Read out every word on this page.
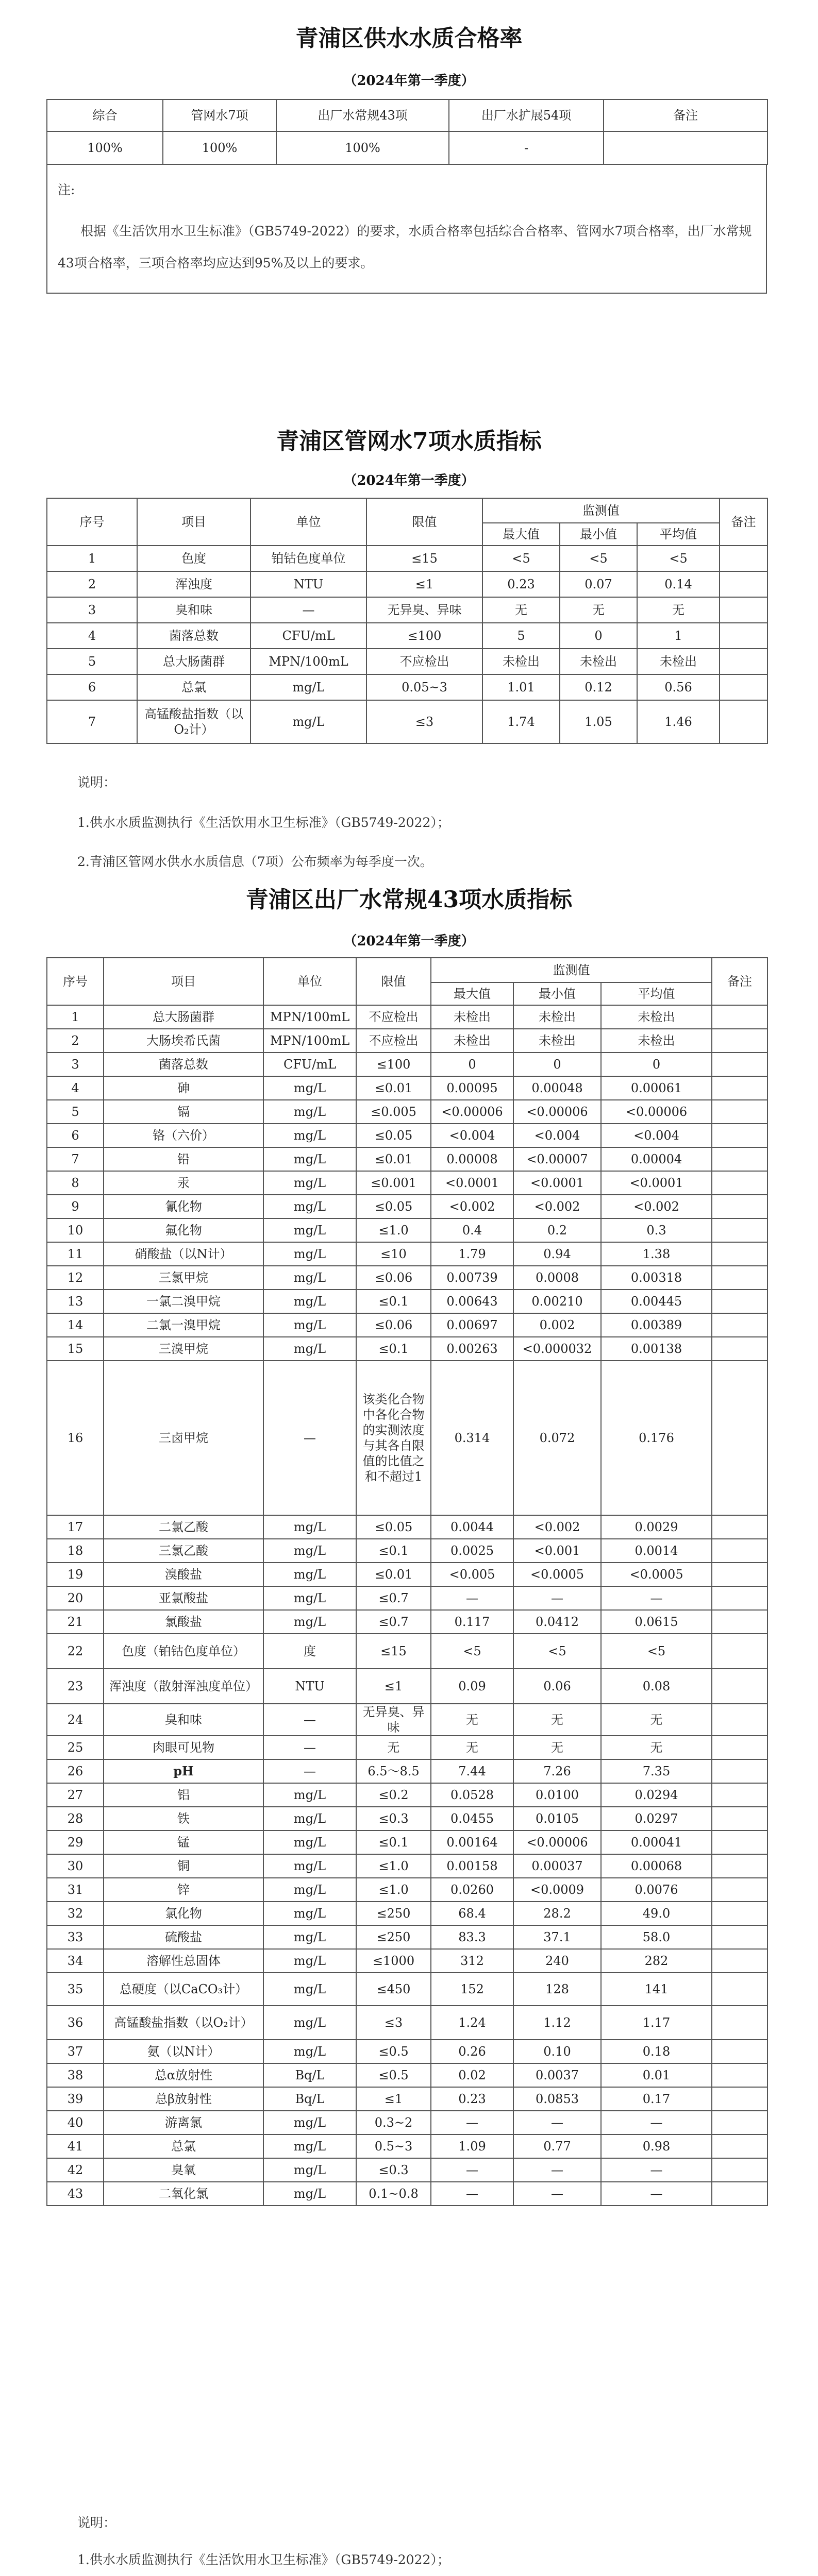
青浦区供水水质合格率
（2024年第一季度）
综合	管网水7项	出厂水常规43项	出厂水扩展54项	备注
100%	100%	100%	-	
注:
根据《生活饮用水卫生标准》（GB5749-2022）的要求，水质合格率包括综合合格率、管网水7项合格率，出厂水常规43项合格率，三项合格率均应达到95%及以上的要求。
青浦区管网水7项水质指标
（2024年第一季度）
序号	项目	单位	限值	监测值			备注
				最大值	最小值	平均值	
1	色度	铂钴色度单位	≤15	<5	<5	<5	
2	浑浊度	NTU	≤1	0.23	0.07	0.14	
3	臭和味	—	无异臭、异味	无	无	无	
4	菌落总数	CFU/mL	≤100	5	0	1	
5	总大肠菌群	MPN/100mL	不应检出	未检出	未检出	未检出	
6	总氯	mg/L	0.05~3	1.01	0.12	0.56	
7	高锰酸盐指数（以O₂计）	mg/L	≤3	1.74	1.05	1.46	
说明：
1.供水水质监测执行《生活饮用水卫生标准》（GB5749-2022）；
2.青浦区管网水供水水质信息（7项）公布频率为每季度一次。
青浦区出厂水常规43项水质指标
（2024年第一季度）
序号	项目	单位	限值	监测值			备注
				最大值	最小值	平均值	
1	总大肠菌群	MPN/100mL	不应检出	未检出	未检出	未检出	
2	大肠埃希氏菌	MPN/100mL	不应检出	未检出	未检出	未检出	
3	菌落总数	CFU/mL	≤100	0	0	0	
4	砷	mg/L	≤0.01	0.00095	0.00048	0.00061	
5	镉	mg/L	≤0.005	<0.00006	<0.00006	<0.00006	
6	铬（六价）	mg/L	≤0.05	<0.004	<0.004	<0.004	
7	铅	mg/L	≤0.01	0.00008	<0.00007	0.00004	
8	汞	mg/L	≤0.001	<0.0001	<0.0001	<0.0001	
9	氰化物	mg/L	≤0.05	<0.002	<0.002	<0.002	
10	氟化物	mg/L	≤1.0	0.4	0.2	0.3	
11	硝酸盐（以N计）	mg/L	≤10	1.79	0.94	1.38	
12	三氯甲烷	mg/L	≤0.06	0.00739	0.0008	0.00318	
13	一氯二溴甲烷	mg/L	≤0.1	0.00643	0.00210	0.00445	
14	二氯一溴甲烷	mg/L	≤0.06	0.00697	0.002	0.00389	
15	三溴甲烷	mg/L	≤0.1	0.00263	<0.000032	0.00138	
16	三卤甲烷	—	该类化合物中各化合物的实测浓度与其各自限值的比值之和不超过1	0.314	0.072	0.176	
17	二氯乙酸	mg/L	≤0.05	0.0044	<0.002	0.0029	
18	三氯乙酸	mg/L	≤0.1	0.0025	<0.001	0.0014	
19	溴酸盐	mg/L	≤0.01	<0.005	<0.0005	<0.0005	
20	亚氯酸盐	mg/L	≤0.7	—	—	—	
21	氯酸盐	mg/L	≤0.7	0.117	0.0412	0.0615	
22	色度（铂钴色度单位）	度	≤15	<5	<5	<5	
23	浑浊度（散射浑浊度单位）	NTU	≤1	0.09	0.06	0.08	
24	臭和味	—	无异臭、异味	无	无	无	
25	肉眼可见物	—	无	无	无	无	
26	pH	—	6.5～8.5	7.44	7.26	7.35	
27	铝	mg/L	≤0.2	0.0528	0.0100	0.0294	
28	铁	mg/L	≤0.3	0.0455	0.0105	0.0297	
29	锰	mg/L	≤0.1	0.00164	<0.00006	0.00041	
30	铜	mg/L	≤1.0	0.00158	0.00037	0.00068	
31	锌	mg/L	≤1.0	0.0260	<0.0009	0.0076	
32	氯化物	mg/L	≤250	68.4	28.2	49.0	
33	硫酸盐	mg/L	≤250	83.3	37.1	58.0	
34	溶解性总固体	mg/L	≤1000	312	240	282	
35	总硬度（以CaCO₃计）	mg/L	≤450	152	128	141	
36	高锰酸盐指数（以O₂计）	mg/L	≤3	1.24	1.12	1.17	
37	氨（以N计）	mg/L	≤0.5	0.26	0.10	0.18	
38	总α放射性	Bq/L	≤0.5	0.02	0.0037	0.01	
39	总β放射性	Bq/L	≤1	0.23	0.0853	0.17	
40	游离氯	mg/L	0.3~2	—	—	—	
41	总氯	mg/L	0.5~3	1.09	0.77	0.98	
42	臭氧	mg/L	≤0.3	—	—	—	
43	二氧化氯	mg/L	0.1~0.8	—	—	—	
说明：
1.供水水质监测执行《生活饮用水卫生标准》（GB5749-2022）；
